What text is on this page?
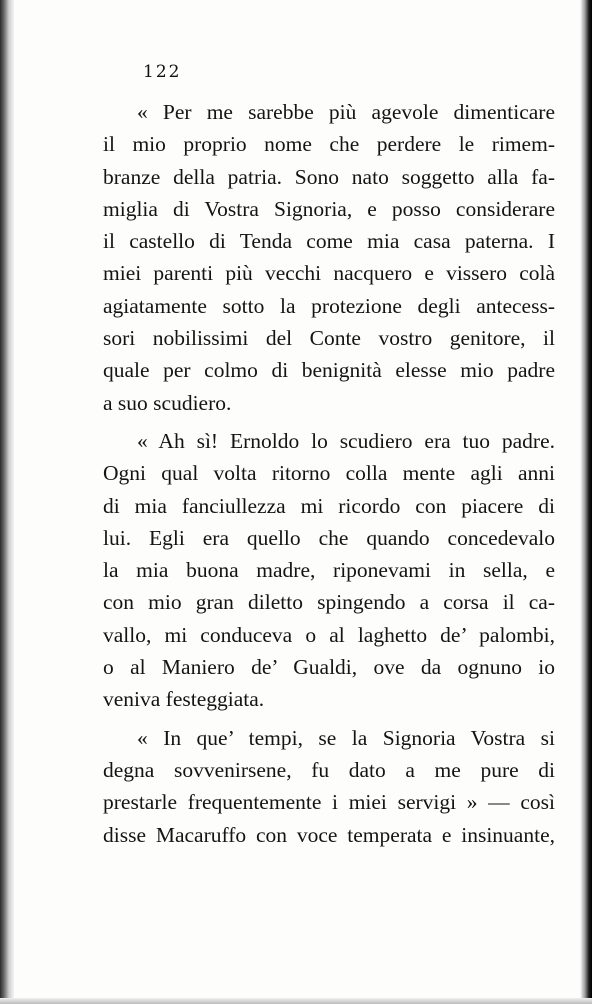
122
« Per me sarebbe più agevole dimenticare
il mio proprio nome che perdere le rimem-
branze della patria. Sono nato soggetto alla fa-
miglia di Vostra Signoria, e posso considerare
il castello di Tenda come mia casa paterna. I
miei parenti più vecchi nacquero e vissero colà
agiatamente sotto la protezione degli antecess-
sori nobilissimi del Conte vostro genitore, il
quale per colmo di benignità elesse mio padre
a suo scudiero.
« Ah sì! Ernoldo lo scudiero era tuo padre.
Ogni qual volta ritorno colla mente agli anni
di mia fanciullezza mi ricordo con piacere di
lui. Egli era quello che quando concedevalo
la mia buona madre, riponevami in sella, e
con mio gran diletto spingendo a corsa il ca-
vallo, mi conduceva o al laghetto de’ palombi,
o al Maniero de’ Gualdi, ove da ognuno io
veniva festeggiata.
« In que’ tempi, se la Signoria Vostra si
degna sovvenirsene, fu dato a me pure di
prestarle frequentemente i miei servigi » — così
disse Macaruffo con voce temperata e insinuante,
